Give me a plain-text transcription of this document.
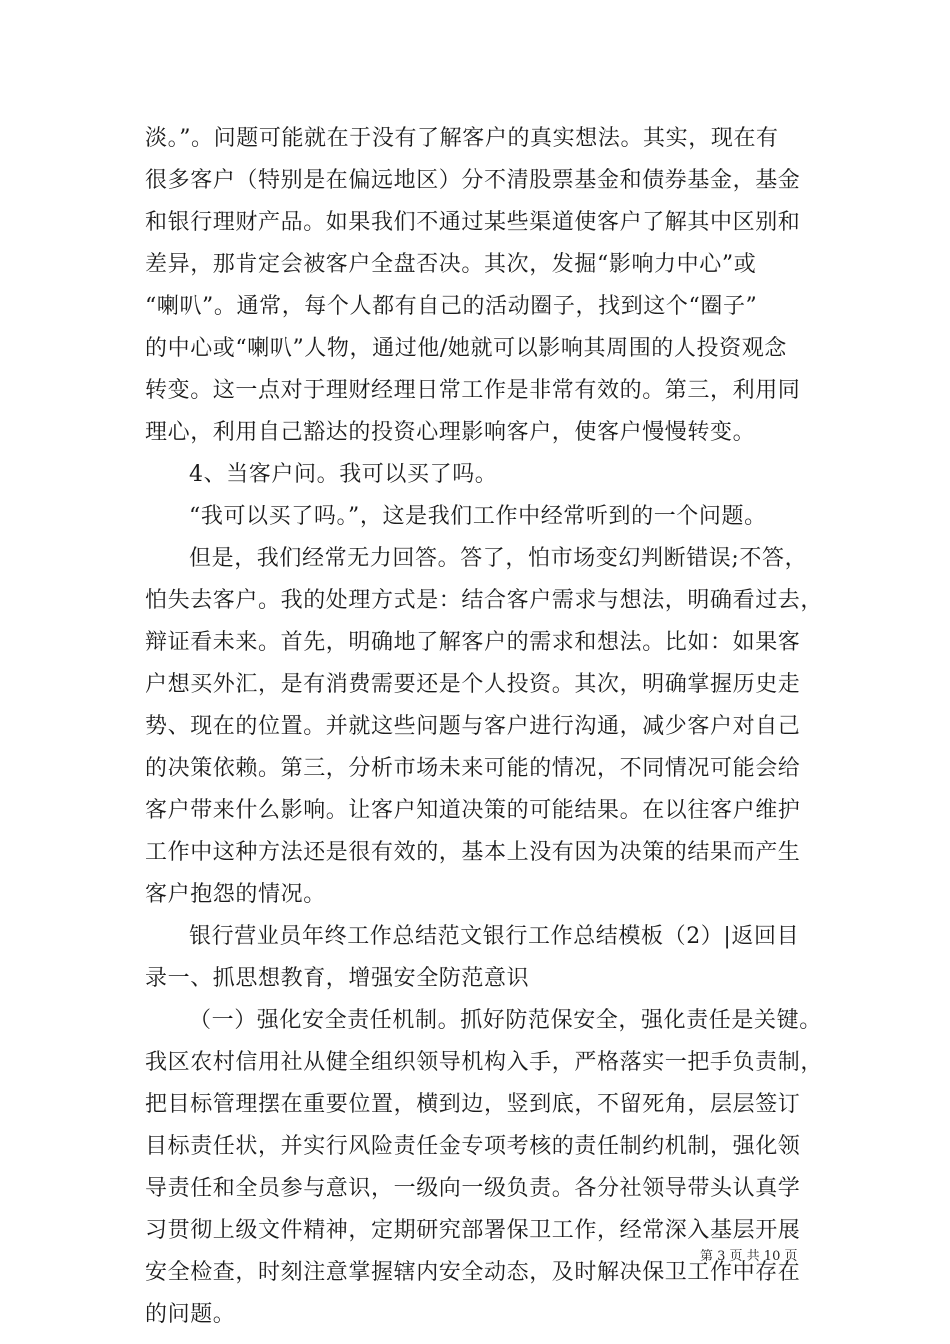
淡。”。问题可能就在于没有了解客户的真实想法。其实，现在有
很多客户（特别是在偏远地区）分不清股票基金和债券基金，基金
和银行理财产品。如果我们不通过某些渠道使客户了解其中区别和
差异，那肯定会被客户全盘否决。其次，发掘“影响力中心”或
“喇叭”。通常，每个人都有自己的活动圈子，找到这个“圈子”
的中心或“喇叭”人物，通过他/她就可以影响其周围的人投资观念
转变。这一点对于理财经理日常工作是非常有效的。第三，利用同
理心，利用自己豁达的投资心理影响客户，使客户慢慢转变。
4、当客户问。我可以买了吗。
“我可以买了吗。”，这是我们工作中经常听到的一个问题。
但是，我们经常无力回答。答了，怕市场变幻判断错误;不答，
怕失去客户。我的处理方式是：结合客户需求与想法，明确看过去，
辩证看未来。首先，明确地了解客户的需求和想法。比如：如果客
户想买外汇，是有消费需要还是个人投资。其次，明确掌握历史走
势、现在的位置。并就这些问题与客户进行沟通，减少客户对自己
的决策依赖。第三，分析市场未来可能的情况，不同情况可能会给
客户带来什么影响。让客户知道决策的可能结果。在以往客户维护
工作中这种方法还是很有效的，基本上没有因为决策的结果而产生
客户抱怨的情况。
银行营业员年终工作总结范文银行工作总结模板（2）|返回目
录一、抓思想教育，增强安全防范意识
（一）强化安全责任机制。抓好防范保安全，强化责任是关键。
我区农村信用社从健全组织领导机构入手，严格落实一把手负责制，
把目标管理摆在重要位置，横到边，竖到底，不留死角，层层签订
目标责任状，并实行风险责任金专项考核的责任制约机制，强化领
导责任和全员参与意识，一级向一级负责。各分社领导带头认真学
习贯彻上级文件精神，定期研究部署保卫工作，经常深入基层开展
安全检查，时刻注意掌握辖内安全动态，及时解决保卫工作中存在
的问题。
第 3 页 共 10 页
